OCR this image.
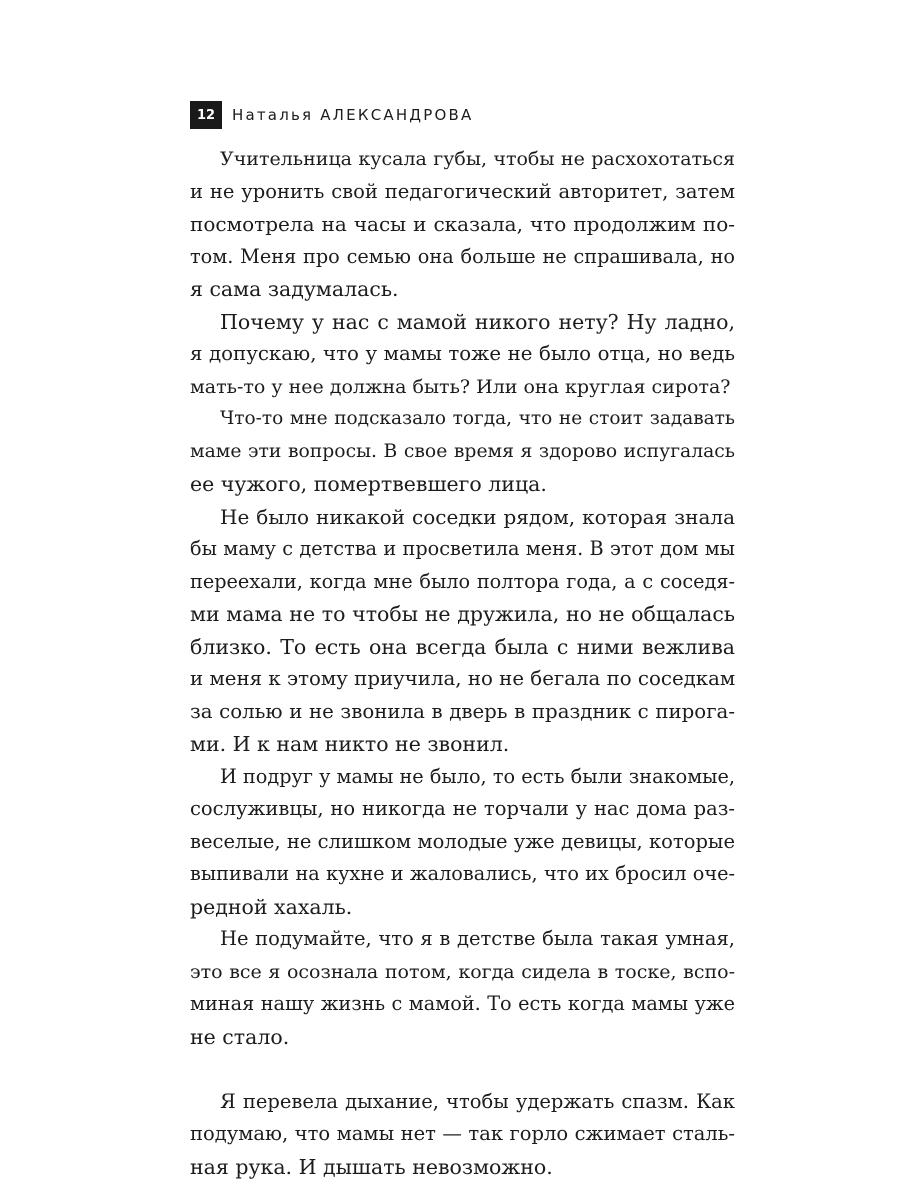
12	Наталья АЛЕКСАНДРОВА
Учительница кусала губы, чтобы не расхохотаться
и не уронить свой педагогический авторитет, затем
посмотрела на часы и сказала, что продолжим по-
том. Меня про семью она больше не спрашивала, но
я сама задумалась.
Почему у нас с мамой никого нету? Ну ладно,
я допускаю, что у мамы тоже не было отца, но ведь
мать-то у нее должна быть? Или она круглая сирота?
Что-то мне подсказало тогда, что не стоит задавать
маме эти вопросы. В свое время я здорово испугалась
ее чужого, помертвевшего лица.
Не было никакой соседки рядом, которая знала
бы маму с детства и просветила меня. В этот дом мы
переехали, когда мне было полтора года, а с соседя-
ми мама не то чтобы не дружила, но не общалась
близко. То есть она всегда была с ними вежлива
и меня к этому приучила, но не бегала по соседкам
за солью и не звонила в дверь в праздник с пирога-
ми. И к нам никто не звонил.
И подруг у мамы не было, то есть были знакомые,
сослуживцы, но никогда не торчали у нас дома раз-
веселые, не слишком молодые уже девицы, которые
выпивали на кухне и жаловались, что их бросил оче-
редной хахаль.
Не подумайте, что я в детстве была такая умная,
это все я осознала потом, когда сидела в тоске, вспо-
миная нашу жизнь с мамой. То есть когда мамы уже
не стало.
Я перевела дыхание, чтобы удержать спазм. Как
подумаю, что мамы нет — так горло сжимает сталь-
ная рука. И дышать невозможно.
